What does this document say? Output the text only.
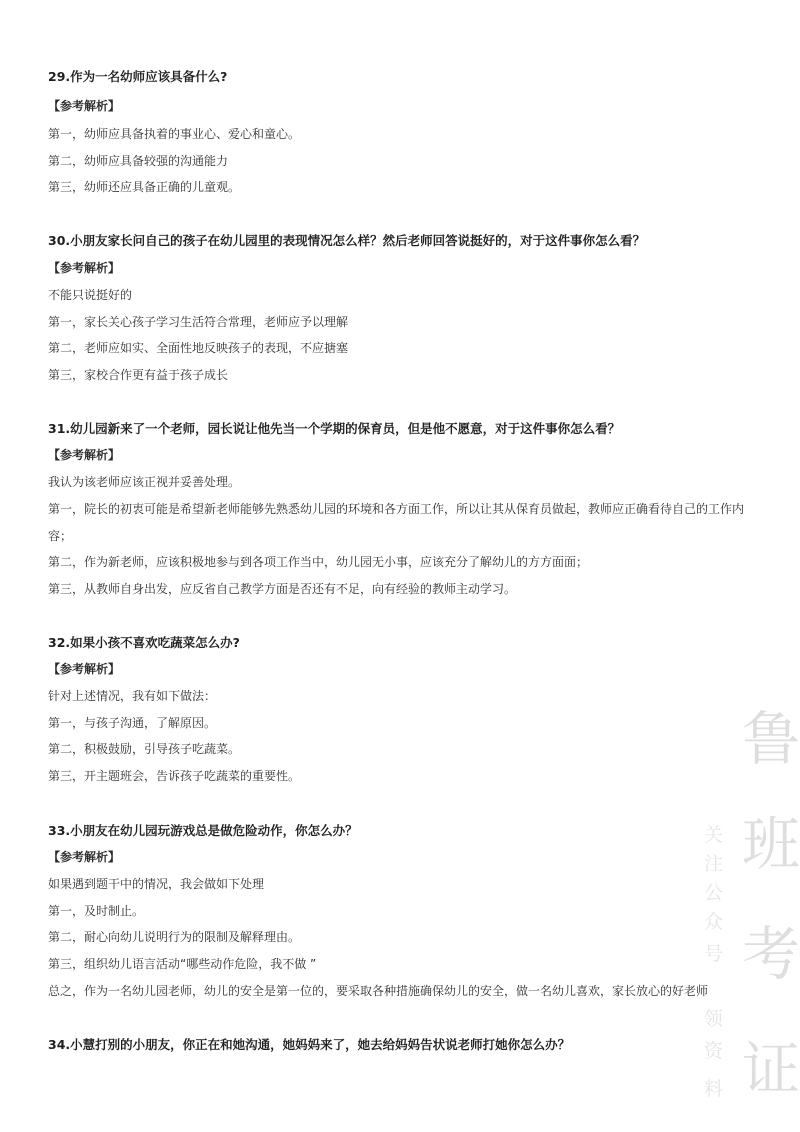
29.作为一名幼师应该具备什么?
【参考解析】
第一，幼师应具备执着的事业心、爱心和童心。
第二，幼师应具备较强的沟通能力
第三，幼师还应具备正确的儿童观。
30.小朋友家长问自己的孩子在幼儿园里的表现情况怎么样？然后老师回答说挺好的，对于这件事你怎么看？
【参考解析】
不能只说挺好的
第一，家长关心孩子学习生活符合常理，老师应予以理解
第二，老师应如实、全面性地反映孩子的表现，不应搪塞
第三，家校合作更有益于孩子成长
31.幼儿园新来了一个老师，园长说让他先当一个学期的保育员，但是他不愿意，对于这件事你怎么看？
【参考解析】
我认为该老师应该正视并妥善处理。
第一，院长的初衷可能是希望新老师能够先熟悉幼儿园的环境和各方面工作，所以让其从保育员做起，教师应正确看待自己的工作内
容；
第二，作为新老师，应该积极地参与到各项工作当中，幼儿园无小事，应该充分了解幼儿的方方面面；
第三，从教师自身出发，应反省自己教学方面是否还有不足，向有经验的教师主动学习。
32.如果小孩不喜欢吃蔬菜怎么办?
【参考解析】
针对上述情况，我有如下做法：
第一，与孩子沟通，了解原因。
第二，积极鼓励，引导孩子吃蔬菜。
第三，开主题班会，告诉孩子吃蔬菜的重要性。
33.小朋友在幼儿园玩游戏总是做危险动作，你怎么办？
【参考解析】
如果遇到题干中的情况，我会做如下处理
第一，及时制止。
第二，耐心向幼儿说明行为的限制及解释理由。
第三，组织幼儿语言活动“哪些动作危险，我不做 ”
总之，作为一名幼儿园老师，幼儿的安全是第一位的，要采取各种措施确保幼儿的安全，做一名幼儿喜欢，家长放心的好老师
34.小慧打别的小朋友，你正在和她沟通，她妈妈来了，她去给妈妈告状说老师打她你怎么办？
鲁
班
考
证
关
注
公
众
号
领
资
料
